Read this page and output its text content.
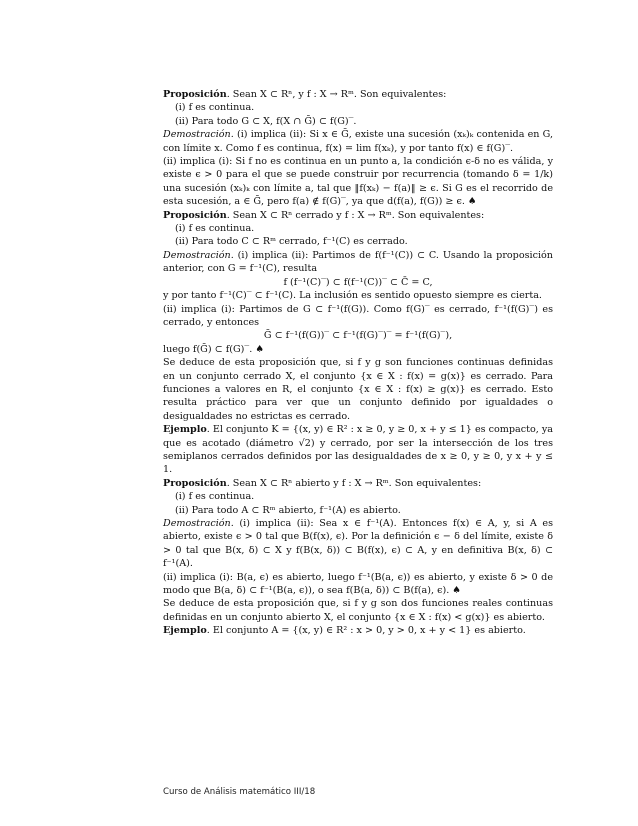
Proposición. Sean X ⊂ Rⁿ, y f : X → Rᵐ. Son equivalentes:

(i) f es continua.

(ii) Para todo G ⊂ X, f(X ∩ Ḡ) ⊂ f(G)‾.

Demostración. (i) implica (ii): Si x ∈ Ḡ, existe una sucesión (xₖ)ₖ contenida en G, con límite x. Como f es continua, f(x) = lim f(xₖ), y por tanto f(x) ∈ f(G)‾.

(ii) implica (i): Si f no es continua en un punto a, la condición ϵ-δ no es válida, y existe ϵ > 0 para el que se puede construir por recurrencia (tomando δ = 1/k) una sucesión (xₖ)ₖ con límite a, tal que ‖f(xₖ) − f(a)‖ ≥ ϵ. Si G es el recorrido de esta sucesión, a ∈ Ḡ, pero f(a) ∉ f(G)‾, ya que d(f(a), f(G)) ≥ ϵ. ♠

Proposición. Sean X ⊂ Rⁿ cerrado y f : X → Rᵐ. Son equivalentes:

(i) f es continua.

(ii) Para todo C ⊂ Rᵐ cerrado, f⁻¹(C) es cerrado.

Demostración. (i) implica (ii): Partimos de f(f⁻¹(C)) ⊂ C. Usando la proposición anterior, con G = f⁻¹(C), resulta

f (f⁻¹(C)‾) ⊂ f(f⁻¹(C))‾ ⊂ C̄ = C,

y por tanto f⁻¹(C)‾ ⊂ f⁻¹(C). La inclusión es sentido opuesto siempre es cierta.

(ii) implica (i): Partimos de G ⊂ f⁻¹(f(G)). Como f(G)‾ es cerrado, f⁻¹(f(G)‾) es cerrado, y entonces

Ḡ ⊂ f⁻¹(f(G))‾ ⊂ f⁻¹(f(G)‾)‾ = f⁻¹(f(G)‾),

luego f(Ḡ) ⊂ f(G)‾. ♠

Se deduce de esta proposición que, si f y g son funciones continuas definidas en un conjunto cerrado X, el conjunto {x ∈ X : f(x) = g(x)} es cerrado. Para funciones a valores en R, el conjunto {x ∈ X : f(x) ≥ g(x)} es cerrado. Esto resulta práctico para ver que un conjunto definido por igualdades o desigualdades no estrictas es cerrado.

Ejemplo. El conjunto K = {(x, y) ∈ R² : x ≥ 0, y ≥ 0, x + y ≤ 1} es compacto, ya que es acotado (diámetro √2) y cerrado, por ser la intersección de los tres semiplanos cerrados definidos por las desigualdades de x ≥ 0, y ≥ 0, y x + y ≤ 1.

Proposición. Sean X ⊂ Rⁿ abierto y f : X → Rᵐ. Son equivalentes:

(i) f es continua.

(ii) Para todo A ⊂ Rᵐ abierto, f⁻¹(A) es abierto.

Demostración. (i) implica (ii): Sea x ∈ f⁻¹(A). Entonces f(x) ∈ A, y, si A es abierto, existe ϵ > 0 tal que B(f(x), ϵ). Por la definición ϵ − δ del límite, existe δ > 0 tal que B(x, δ) ⊂ X y f(B(x, δ)) ⊂ B(f(x), ϵ) ⊂ A, y en definitiva B(x, δ) ⊂ f⁻¹(A).

(ii) implica (i): B(a, ϵ) es abierto, luego f⁻¹(B(a, ϵ)) es abierto, y existe δ > 0 de modo que B(a, δ) ⊂ f⁻¹(B(a, ϵ)), o sea f(B(a, δ)) ⊂ B(f(a), ϵ). ♠

Se deduce de esta proposición que, si f y g son dos funciones reales continuas definidas en un conjunto abierto X, el conjunto {x ∈ X : f(x) < g(x)} es abierto.

Ejemplo. El conjunto A = {(x, y) ∈ R² : x > 0, y > 0, x + y < 1} es abierto.

Curso de Análisis matemático III/18
